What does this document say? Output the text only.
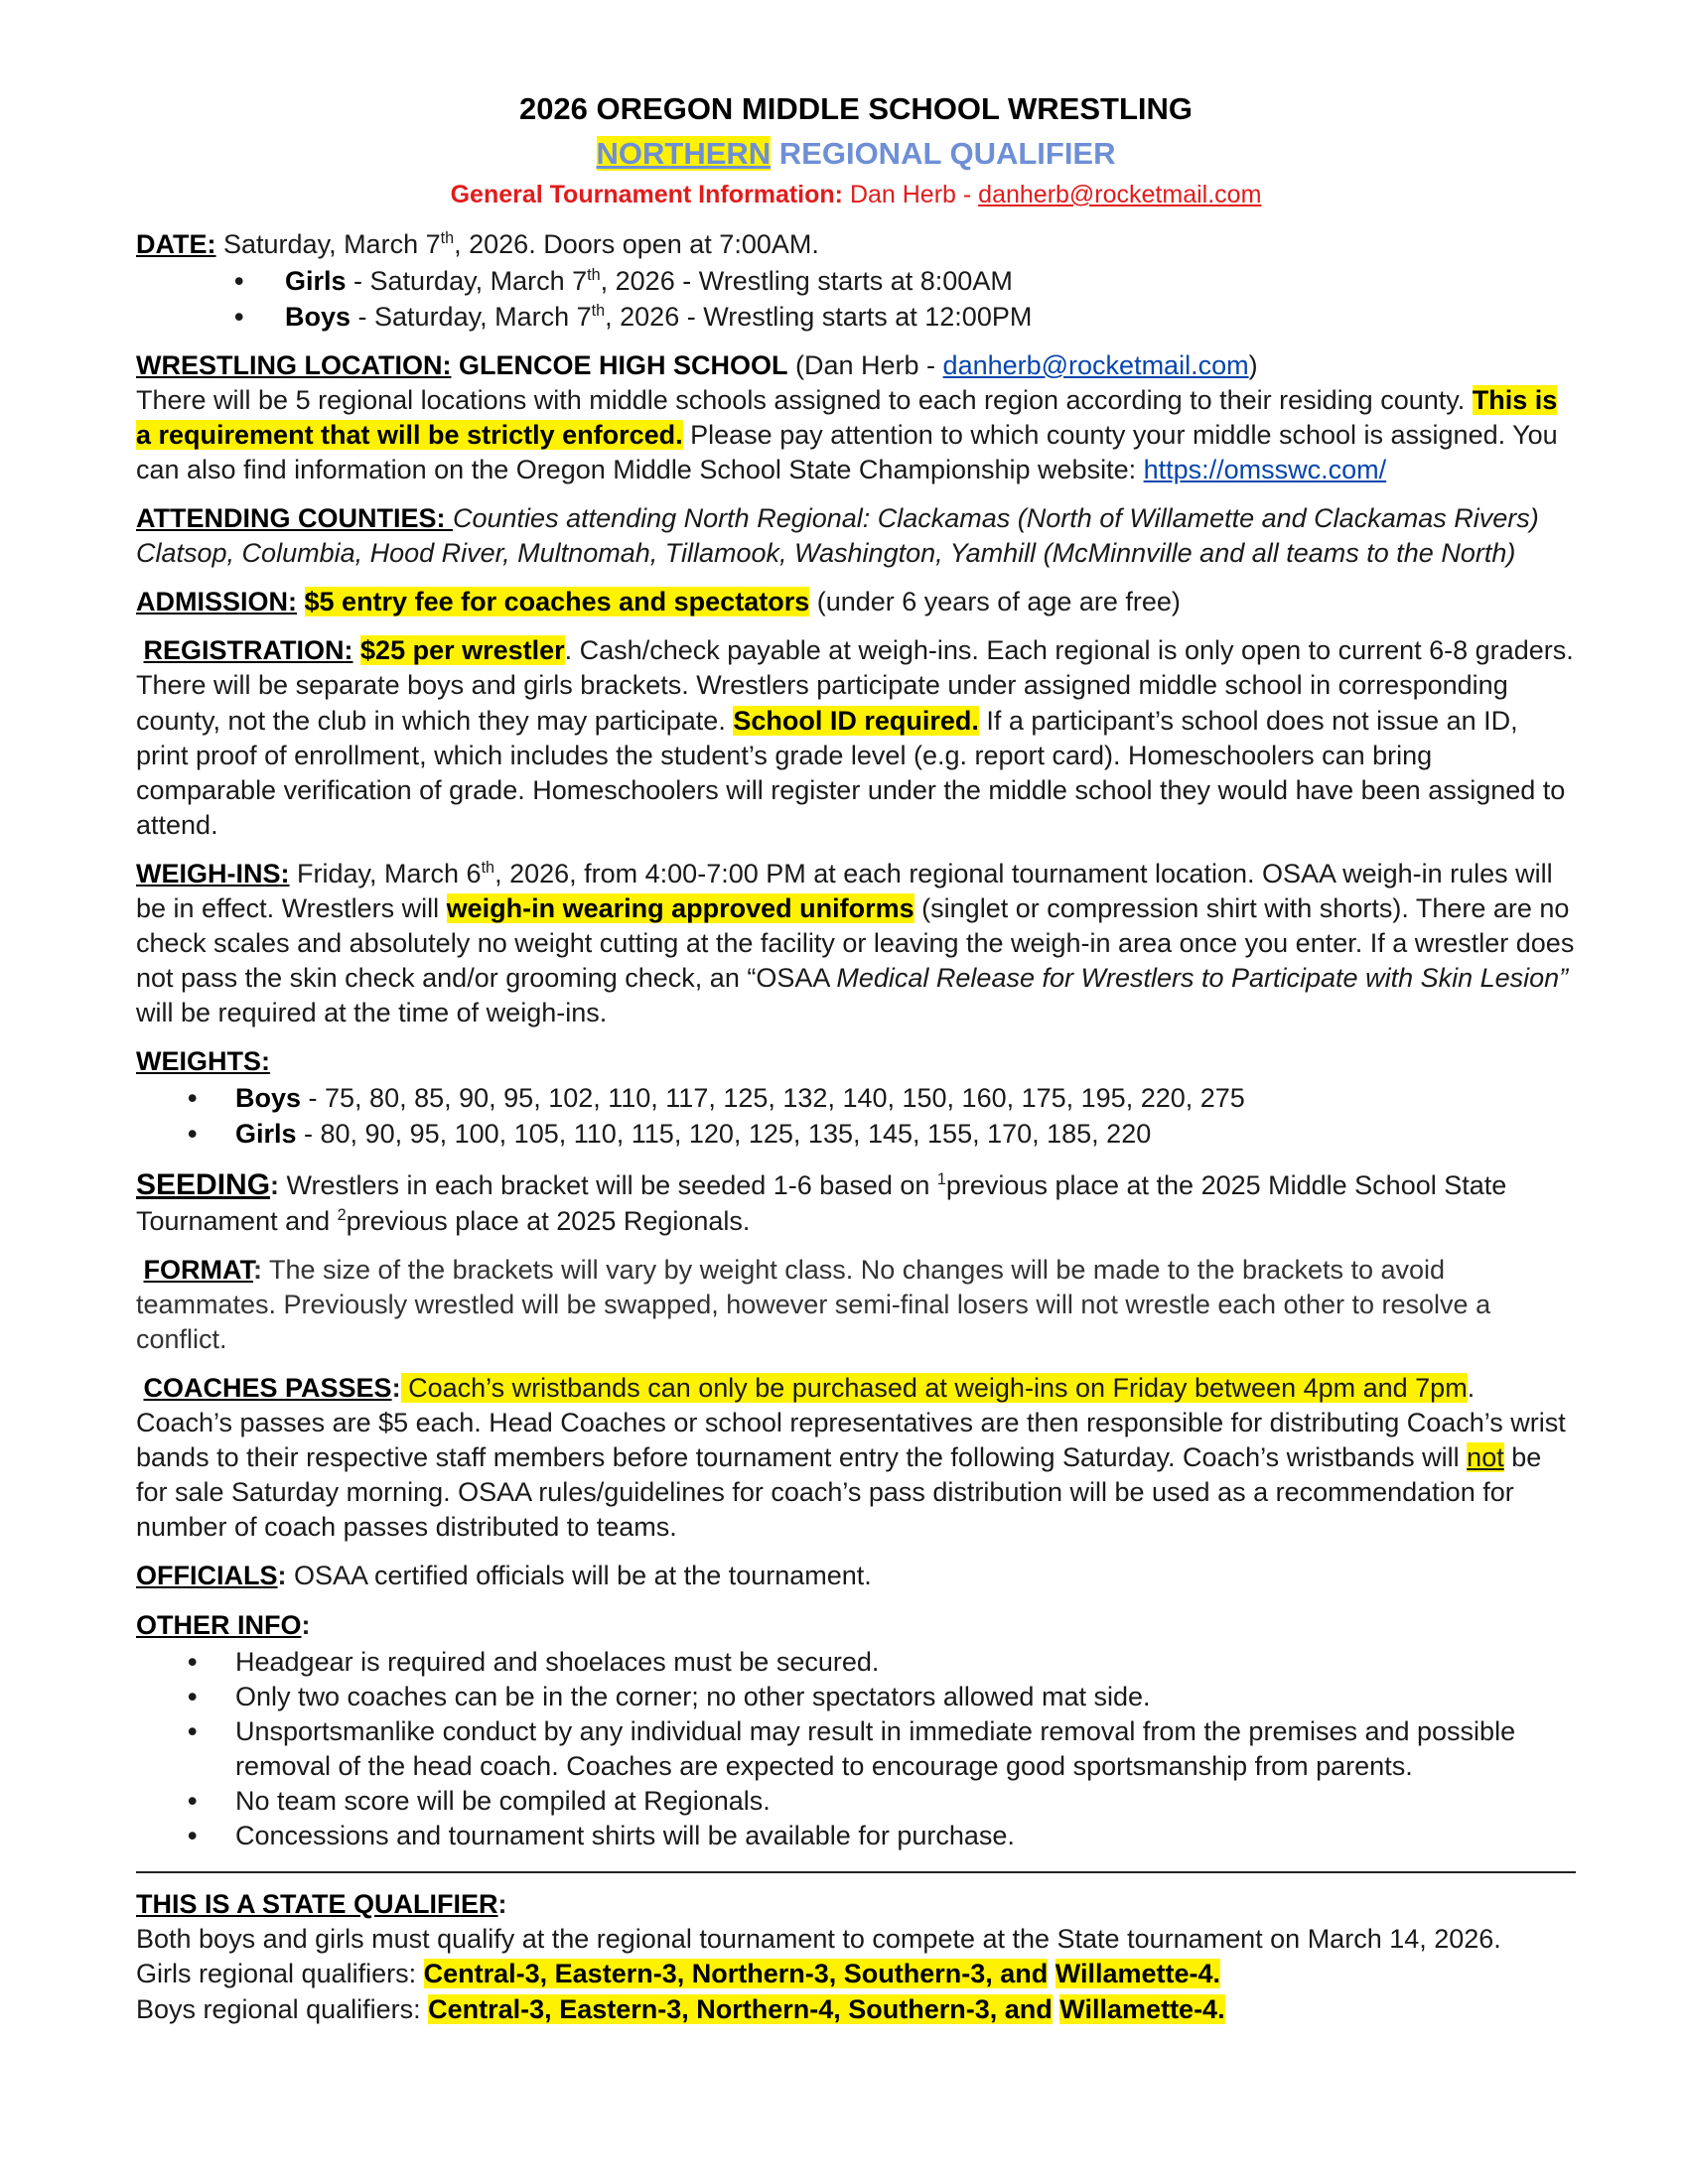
2026 OREGON MIDDLE SCHOOL WRESTLING

NORTHERN REGIONAL QUALIFIER

General Tournament Information: Dan Herb - danherb@rocketmail.com

DATE: Saturday, March 7th, 2026. Doors open at 7:00AM.

• Girls - Saturday, March 7th, 2026 - Wrestling starts at 8:00AM
• Boys - Saturday, March 7th, 2026 - Wrestling starts at 12:00PM

WRESTLING LOCATION: GLENCOE HIGH SCHOOL (Dan Herb - danherb@rocketmail.com)

There will be 5 regional locations with middle schools assigned to each region according to their residing county. This is a requirement that will be strictly enforced. Please pay attention to which county your middle school is assigned. You can also find information on the Oregon Middle School State Championship website: https://omsswc.com/

ATTENDING COUNTIES: Counties attending North Regional: Clackamas (North of Willamette and Clackamas Rivers) Clatsop, Columbia, Hood River, Multnomah, Tillamook, Washington, Yamhill (McMinnville and all teams to the North)

ADMISSION: $5 entry fee for coaches and spectators (under 6 years of age are free)

REGISTRATION: $25 per wrestler. Cash/check payable at weigh-ins. Each regional is only open to current 6-8 graders. There will be separate boys and girls brackets. Wrestlers participate under assigned middle school in corresponding county, not the club in which they may participate. School ID required. If a participant’s school does not issue an ID, print proof of enrollment, which includes the student’s grade level (e.g. report card). Homeschoolers can bring comparable verification of grade. Homeschoolers will register under the middle school they would have been assigned to attend.

WEIGH-INS: Friday, March 6th, 2026, from 4:00-7:00 PM at each regional tournament location. OSAA weigh-in rules will be in effect. Wrestlers will weigh-in wearing approved uniforms (singlet or compression shirt with shorts). There are no check scales and absolutely no weight cutting at the facility or leaving the weigh-in area once you enter. If a wrestler does not pass the skin check and/or grooming check, an “OSAA Medical Release for Wrestlers to Participate with Skin Lesion” will be required at the time of weigh-ins.

WEIGHTS:

• Boys - 75, 80, 85, 90, 95, 102, 110, 117, 125, 132, 140, 150, 160, 175, 195, 220, 275
• Girls - 80, 90, 95, 100, 105, 110, 115, 120, 125, 135, 145, 155, 170, 185, 220

SEEDING: Wrestlers in each bracket will be seeded 1-6 based on $^1$previous place at the 2025 Middle School State Tournament and $^2$previous place at 2025 Regionals.

FORMAT: The size of the brackets will vary by weight class. No changes will be made to the brackets to avoid teammates. Previously wrestled will be swapped, however semi-final losers will not wrestle each other to resolve a conflict.

COACHES PASSES: Coach’s wristbands can only be purchased at weigh-ins on Friday between 4pm and 7pm. Coach’s passes are $5 each. Head Coaches or school representatives are then responsible for distributing Coach’s wrist bands to their respective staff members before tournament entry the following Saturday. Coach’s wristbands will not be for sale Saturday morning. OSAA rules/guidelines for coach’s pass distribution will be used as a recommendation for number of coach passes distributed to teams.

OFFICIALS: OSAA certified officials will be at the tournament.

OTHER INFO:

• Headgear is required and shoelaces must be secured.
• Only two coaches can be in the corner; no other spectators allowed mat side.
• Unsportsmanlike conduct by any individual may result in immediate removal from the premises and possible removal of the head coach. Coaches are expected to encourage good sportsmanship from parents.
• No team score will be compiled at Regionals.
• Concessions and tournament shirts will be available for purchase.

THIS IS A STATE QUALIFIER:

Both boys and girls must qualify at the regional tournament to compete at the State tournament on March 14, 2026.

Girls regional qualifiers: Central-3, Eastern-3, Northern-3, Southern-3, and Willamette-4.

Boys regional qualifiers: Central-3, Eastern-3, Northern-4, Southern-3, and Willamette-4.
